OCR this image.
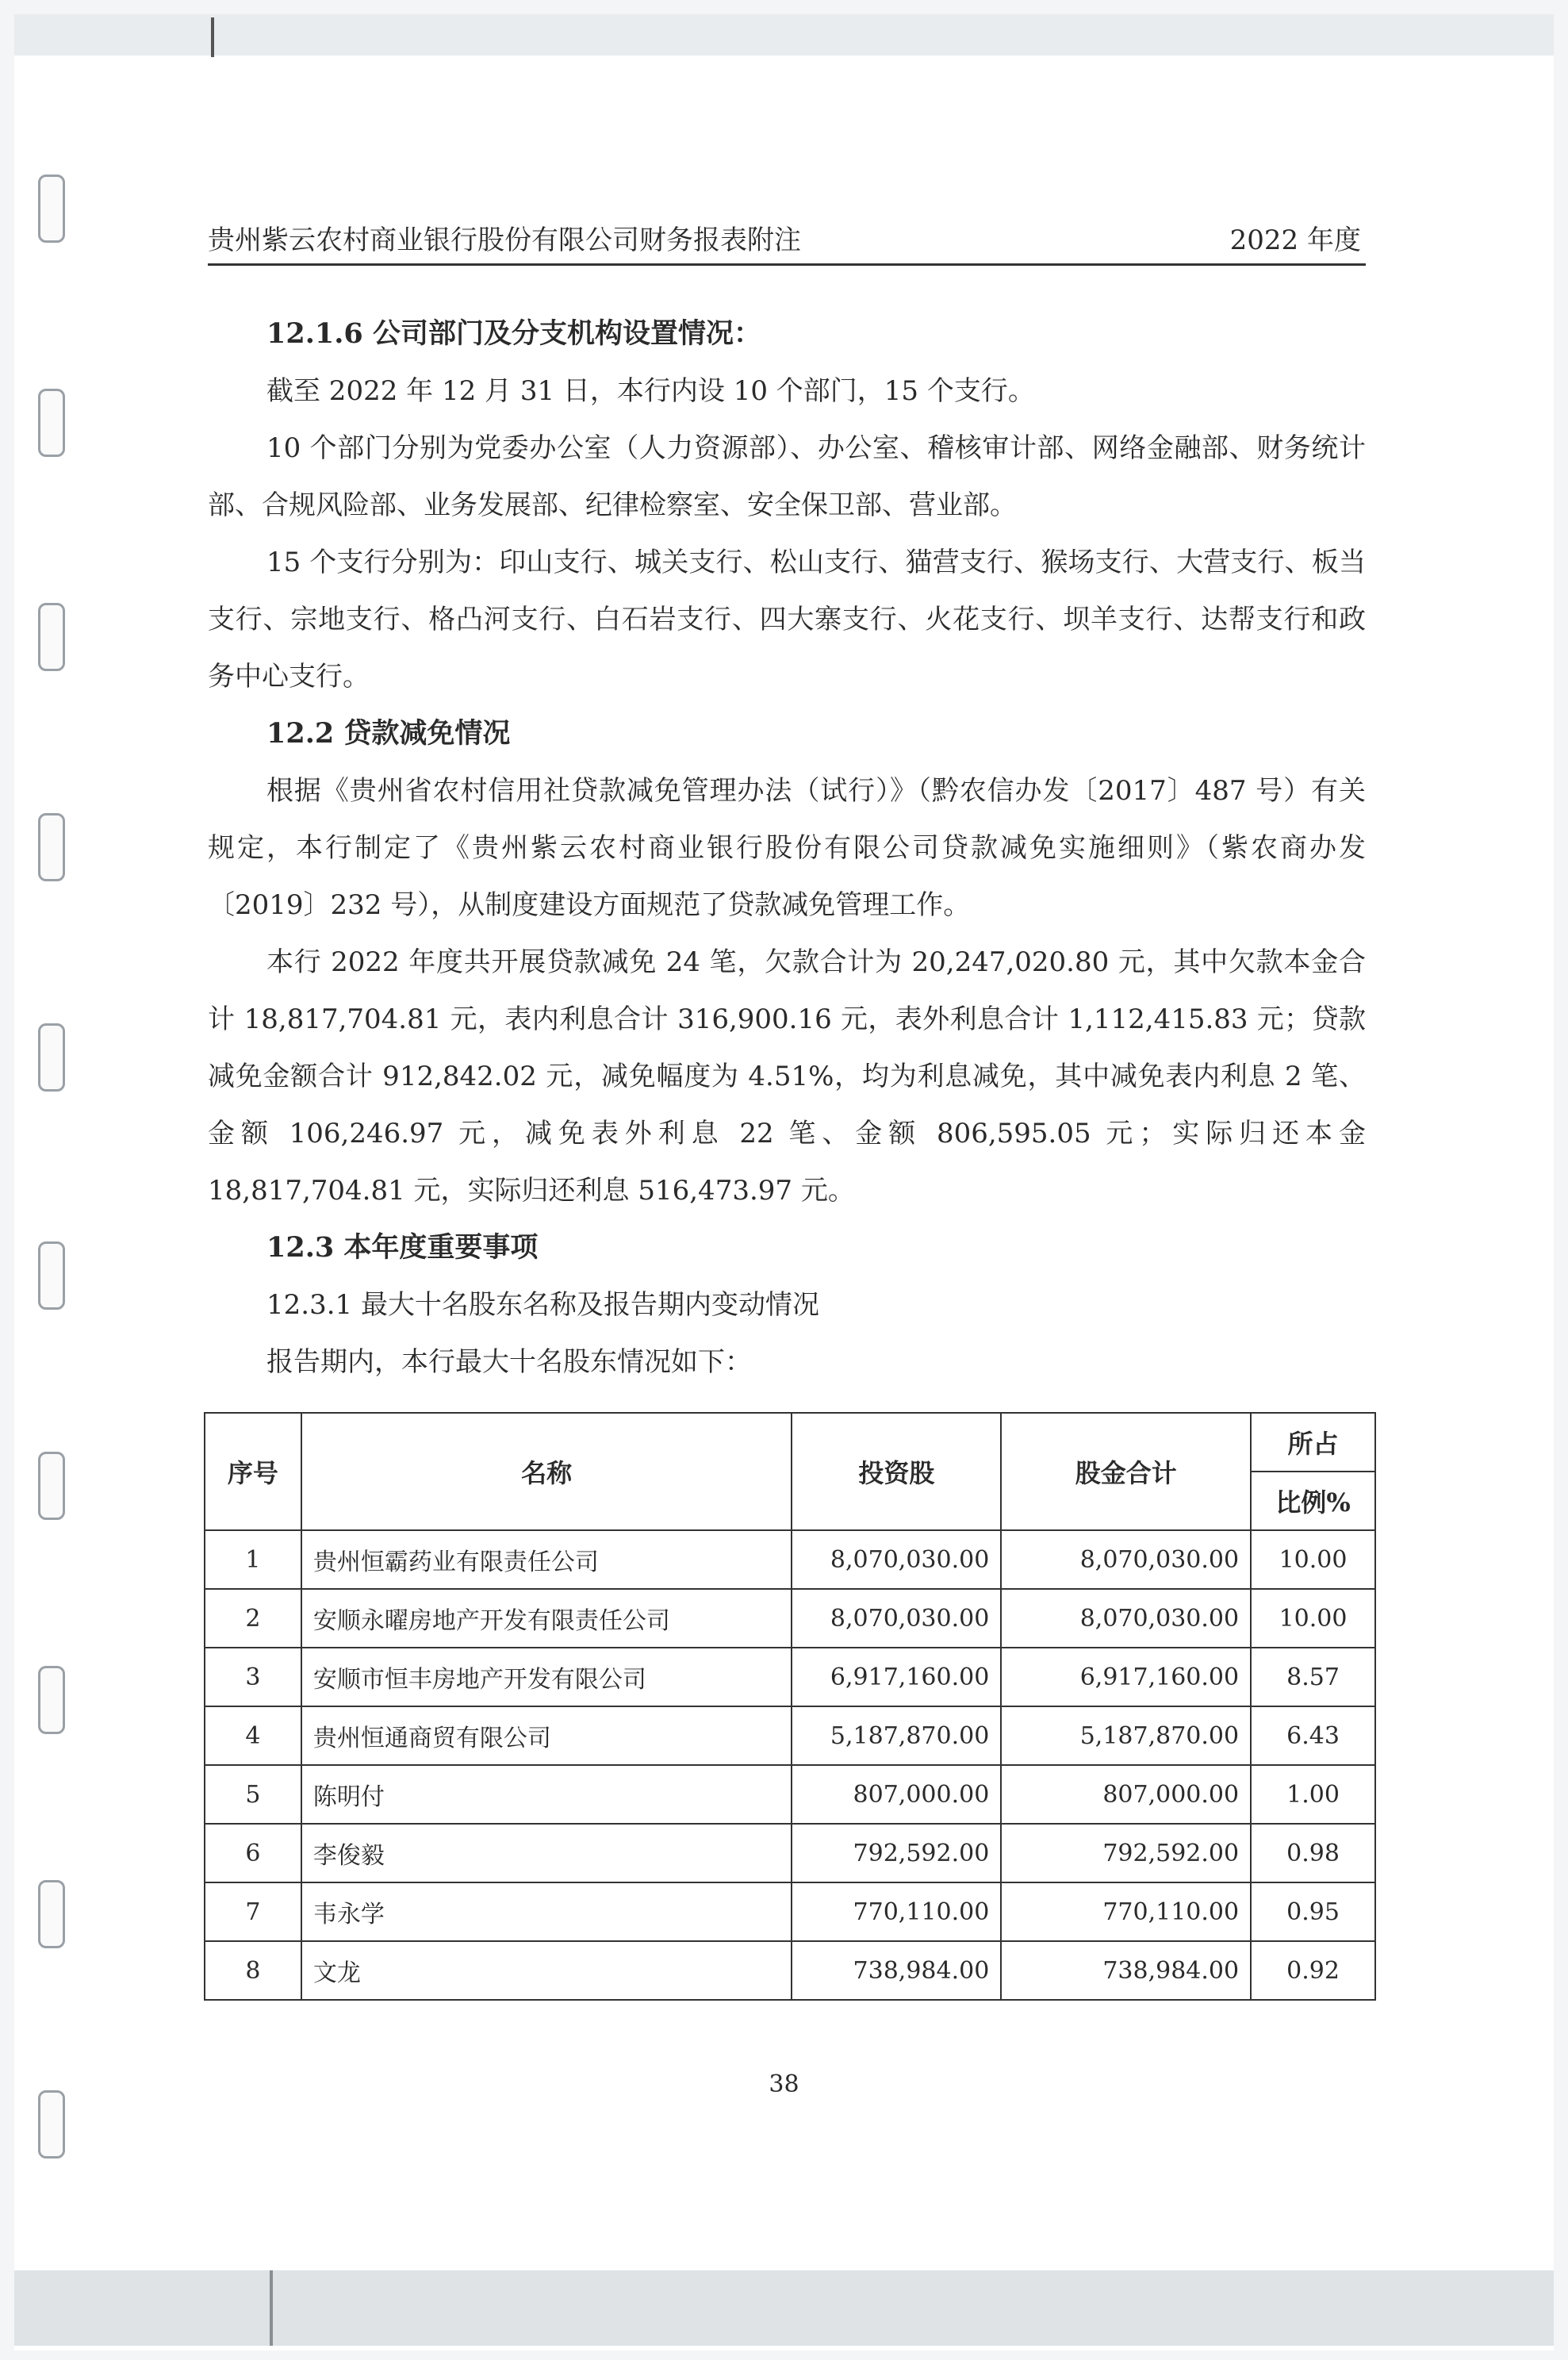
贵州紫云农村商业银行股份有限公司财务报表附注	2022 年度
12.1.6 公司部门及分支机构设置情况：
截至 2022 年 12 月 31 日，本行内设 10 个部门，15 个支行。
10 个部门分别为党委办公室（人力资源部）、办公室、稽核审计部、网络金融部、财务统计部、合规风险部、业务发展部、纪律检察室、安全保卫部、营业部。
15 个支行分别为：印山支行、城关支行、松山支行、猫营支行、猴场支行、大营支行、板当支行、宗地支行、格凸河支行、白石岩支行、四大寨支行、火花支行、坝羊支行、达帮支行和政务中心支行。
12.2 贷款减免情况
根据《贵州省农村信用社贷款减免管理办法（试行）》（黔农信办发〔2017〕487 号）有关规定，本行制定了《贵州紫云农村商业银行股份有限公司贷款减免实施细则》（紫农商办发〔2019〕232 号），从制度建设方面规范了贷款减免管理工作。
本行 2022 年度共开展贷款减免 24 笔，欠款合计为 20,247,020.80 元，其中欠款本金合计 18,817,704.81 元，表内利息合计 316,900.16 元，表外利息合计 1,112,415.83 元；贷款减免金额合计 912,842.02 元，减免幅度为 4.51%，均为利息减免，其中减免表内利息 2 笔、金额 106,246.97 元，减免表外利息 22 笔、金额 806,595.05 元；实际归还本金 18,817,704.81 元，实际归还利息 516,473.97 元。
12.3 本年度重要事项
12.3.1 最大十名股东名称及报告期内变动情况
报告期内，本行最大十名股东情况如下：
序号	名称	投资股	股金合计	所占
				比例%
1	贵州恒霸药业有限责任公司	8,070,030.00	8,070,030.00	10.00
2	安顺永曜房地产开发有限责任公司	8,070,030.00	8,070,030.00	10.00
3	安顺市恒丰房地产开发有限公司	6,917,160.00	6,917,160.00	8.57
4	贵州恒通商贸有限公司	5,187,870.00	5,187,870.00	6.43
5	陈明付	807,000.00	807,000.00	1.00
6	李俊毅	792,592.00	792,592.00	0.98
7	韦永学	770,110.00	770,110.00	0.95
8	文龙	738,984.00	738,984.00	0.92
38
